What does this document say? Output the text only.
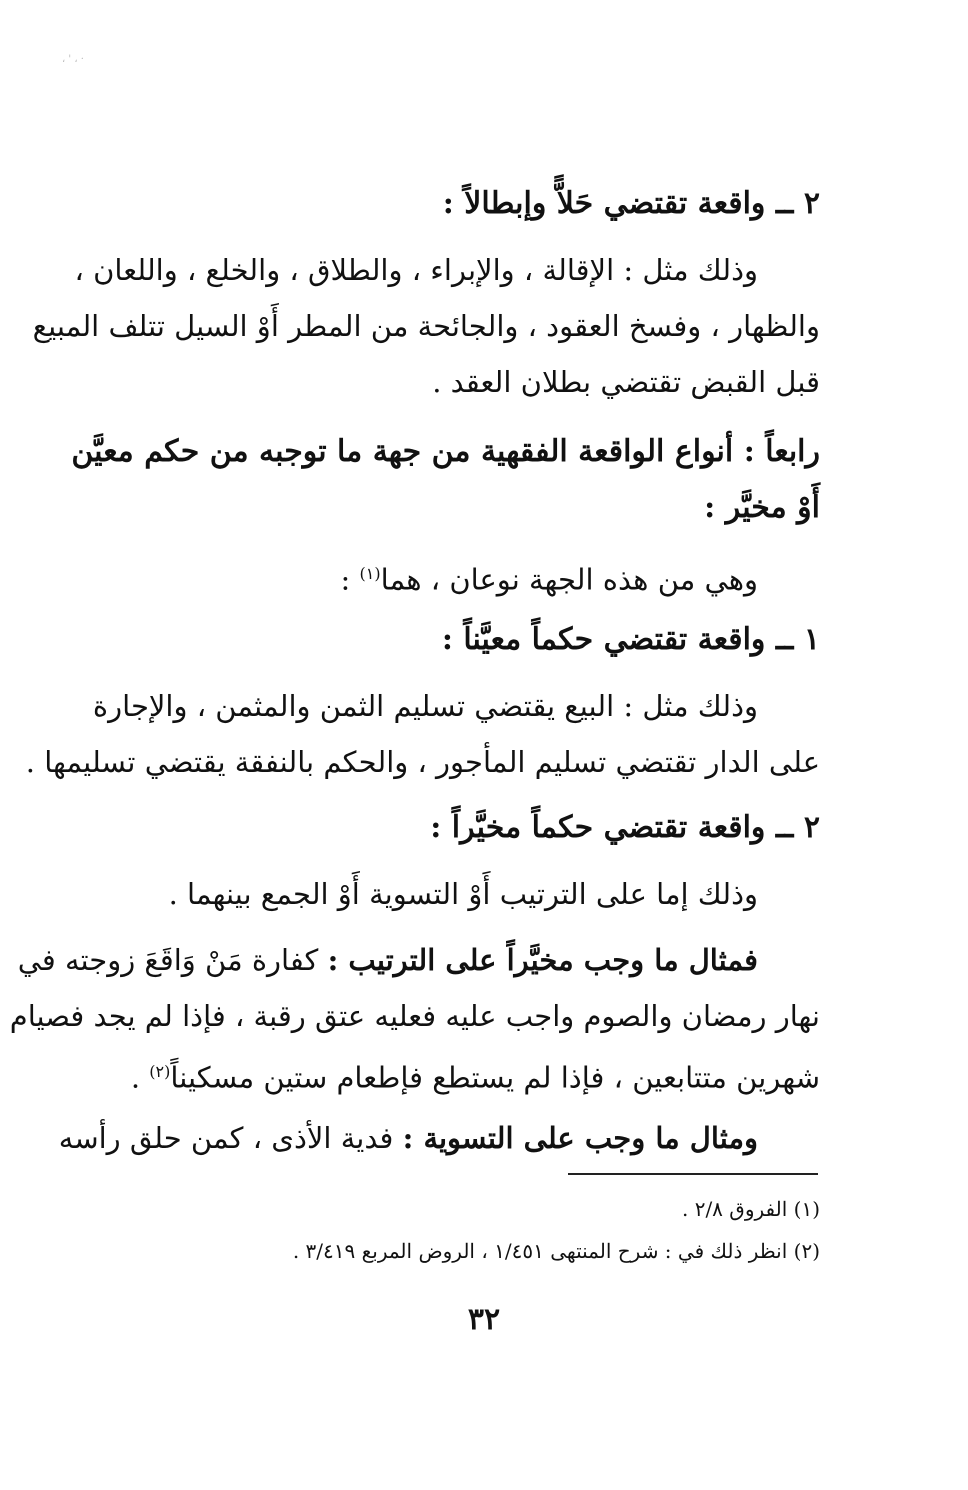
، ' ، ·
٢ ــ واقعة تقتضي حَلاًّ وإبطالاً :
وذلك مثل : الإقالة ، والإبراء ، والطلاق ، والخلع ، واللعان ،
والظهار ، وفسخ العقود ، والجائحة من المطر أَوْ السيل تتلف المبيع
قبل القبض تقتضي بطلان العقد .
رابعاً : أنواع الواقعة الفقهية من جهة ما توجبه من حكم معيَّن
أَوْ مخيَّر :
وهي من هذه الجهة نوعان ، هما$^{(١)}$ :
١ ــ واقعة تقتضي حكماً معيَّناً :
وذلك مثل : البيع يقتضي تسليم الثمن والمثمن ، والإجارة
على الدار تقتضي تسليم المأجور ، والحكم بالنفقة يقتضي تسليمها .
٢ ــ واقعة تقتضي حكماً مخيَّراً :
وذلك إما على الترتيب أَوْ التسوية أَوْ الجمع بينهما .
فمثال ما وجب مخيَّراً على الترتيب : كفارة مَنْ وَاقَعَ زوجته في
نهار رمضان والصوم واجب عليه فعليه عتق رقبة ، فإذا لم يجد فصيام
شهرين متتابعين ، فإذا لم يستطع فإطعام ستين مسكيناً$^{(٢)}$ .
ومثال ما وجب على التسوية : فدية الأذى ، كمن حلق رأسه
(١) الفروق ٢/٨ .
(٢) انظر ذلك في : شرح المنتهى ١/٤٥١ ، الروض المربع ٣/٤١٩ .
٣٢
